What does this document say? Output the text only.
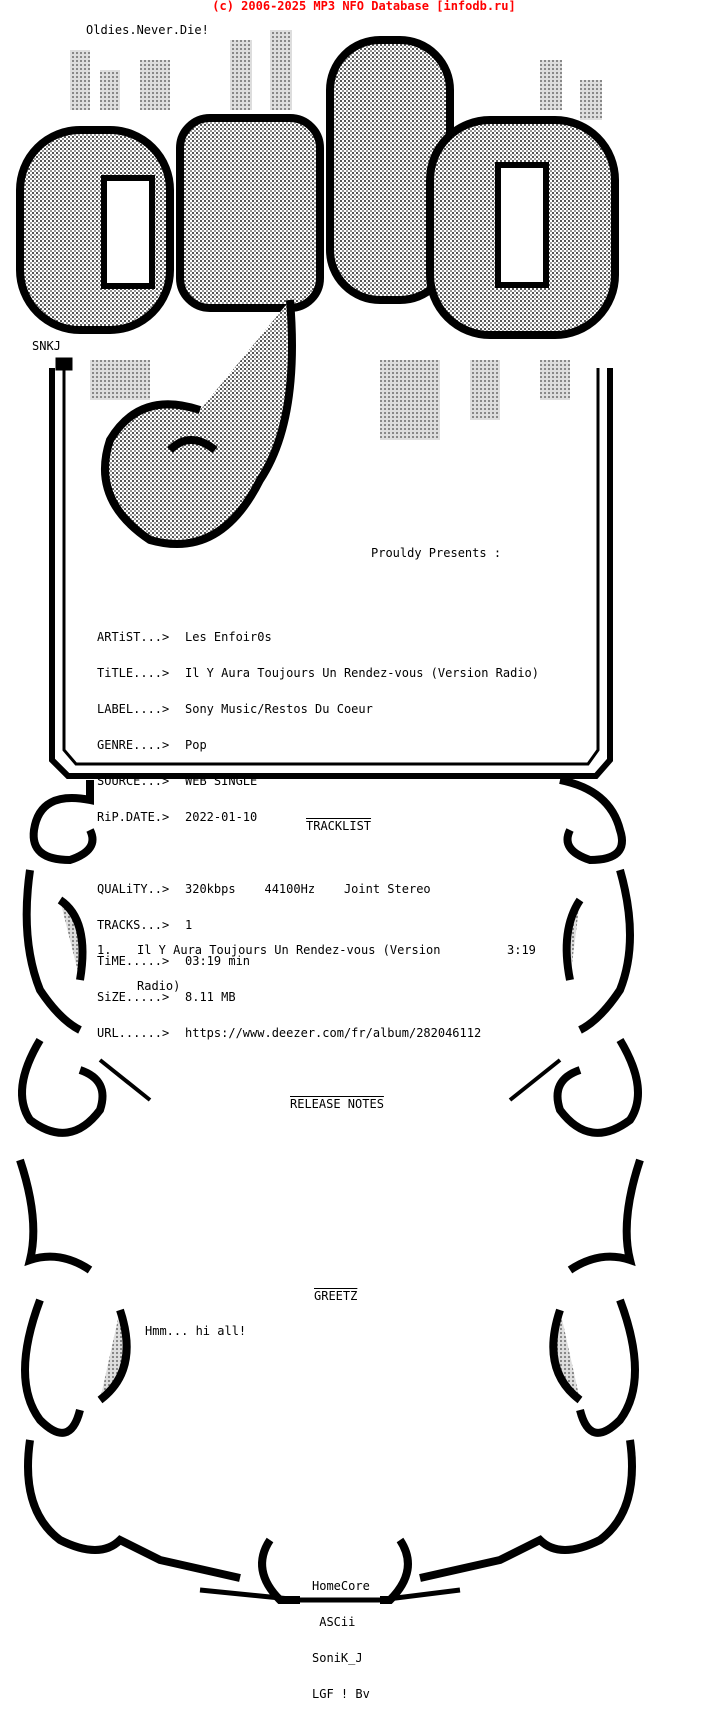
(c) 2006-2025 MP3 NFO Database [infodb.ru]
Oldies.Never.Die!
SNKJ
Prouldy Presents :

ARTiST...> Les Enfoir0s

TiTLE....> Il Y Aura Toujours Un Rendez-vous (Version Radio)

LABEL....> Sony Music/Restos Du Coeur

GENRE....> Pop

SOURCE...> WEB SINGLE

RiP.DATE.> 2022-01-10

QUALiTY..> 320kbps    44100Hz    Joint Stereo

TRACKS...> 1

TiME.....> 03:19 min

SiZE.....> 8.11 MB

URL......> https://www.deezer.com/fr/album/282046112

TRACKLIST

1. Il Y Aura Toujours Un Rendez-vous (Version	3:19

Radio)

RELEASE NOTES
GREETZ
Hmm... hi all!

HomeCore

ASCii

SoniK_J

LGF ! Bv
